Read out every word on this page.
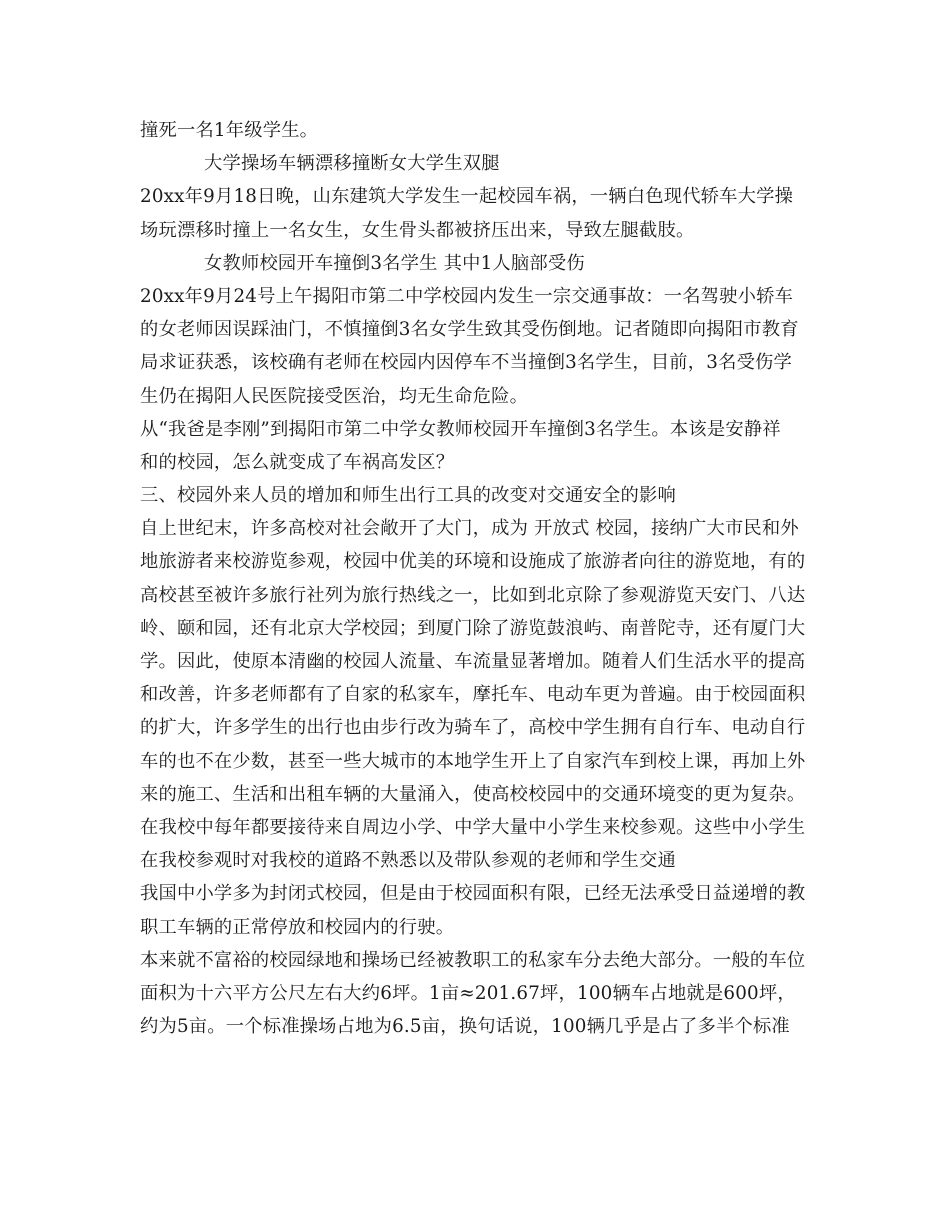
撞死一名1年级学生。
大学操场车辆漂移撞断女大学生双腿
20xx年9月18日晚，山东建筑大学发生一起校园车祸，一辆白色现代轿车大学操
场玩漂移时撞上一名女生，女生骨头都被挤压出来，导致左腿截肢。
女教师校园开车撞倒3名学生 其中1人脑部受伤
20xx年9月24号上午揭阳市第二中学校园内发生一宗交通事故：一名驾驶小轿车
的女老师因误踩油门，不慎撞倒3名女学生致其受伤倒地。记者随即向揭阳市教育
局求证获悉，该校确有老师在校园内因停车不当撞倒3名学生，目前，3名受伤学
生仍在揭阳人民医院接受医治，均无生命危险。
从“我爸是李刚”到揭阳市第二中学女教师校园开车撞倒3名学生。本该是安静祥
和的校园，怎么就变成了车祸高发区？
三、校园外来人员的增加和师生出行工具的改变对交通安全的影响
自上世纪末，许多高校对社会敞开了大门，成为 开放式 校园，接纳广大市民和外
地旅游者来校游览参观，校园中优美的环境和设施成了旅游者向往的游览地，有的
高校甚至被许多旅行社列为旅行热线之一，比如到北京除了参观游览天安门、八达
岭、颐和园，还有北京大学校园；到厦门除了游览鼓浪屿、南普陀寺，还有厦门大
学。因此，使原本清幽的校园人流量、车流量显著增加。随着人们生活水平的提高
和改善，许多老师都有了自家的私家车，摩托车、电动车更为普遍。由于校园面积
的扩大，许多学生的出行也由步行改为骑车了，高校中学生拥有自行车、电动自行
车的也不在少数，甚至一些大城市的本地学生开上了自家汽车到校上课，再加上外
来的施工、生活和出租车辆的大量涌入，使高校校园中的交通环境变的更为复杂。
在我校中每年都要接待来自周边小学、中学大量中小学生来校参观。这些中小学生
在我校参观时对我校的道路不熟悉以及带队参观的老师和学生交通
我国中小学多为封闭式校园，但是由于校园面积有限，已经无法承受日益递增的教
职工车辆的正常停放和校园内的行驶。
本来就不富裕的校园绿地和操场已经被教职工的私家车分去绝大部分。一般的车位
面积为十六平方公尺左右大约6坪。1亩≈201.67坪，100辆车占地就是600坪，
约为5亩。一个标准操场占地为6.5亩，换句话说，100辆几乎是占了多半个标准
